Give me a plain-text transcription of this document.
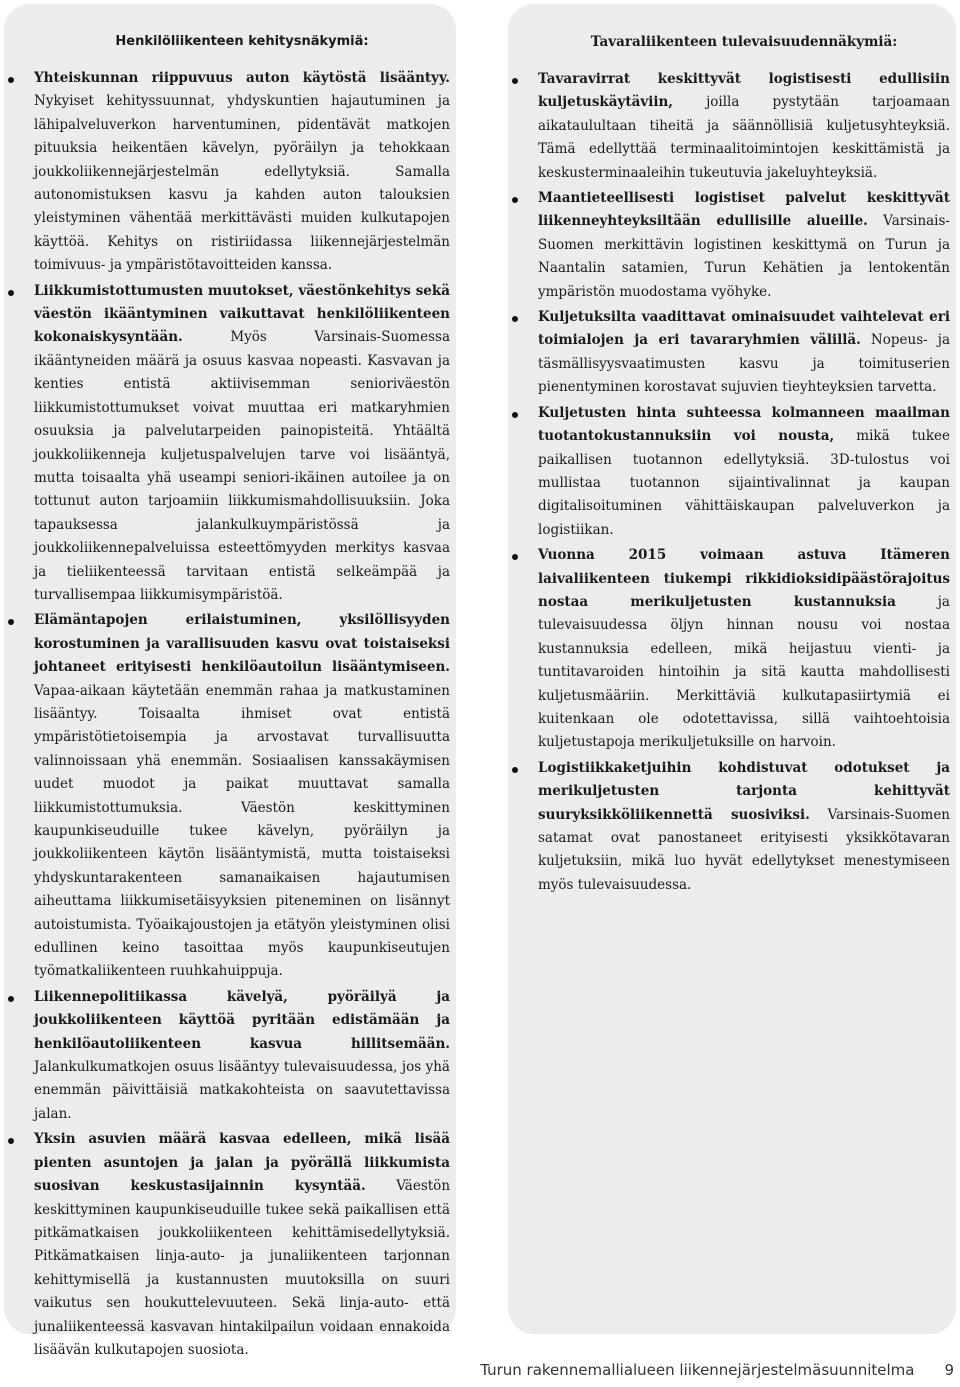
Henkilöliikenteen kehitysnäkymiä:
Yhteiskunnan riippuvuus auton käytöstä lisääntyy. Nykyiset kehityssuunnat, yhdyskuntien hajautuminen ja lähipalveluverkon harventuminen, pidentävät matkojen pituuksia heikentäen kävelyn, pyöräilyn ja tehokkaan joukkoliikennejärjestelmän edellytyksiä. Samalla autonomistuksen kasvu ja kahden auton talouksien yleistyminen vähentää merkittävästi muiden kulkutapojen käyttöä. Kehitys on ristiriidassa liikennejärjestelmän toimivuus- ja ympäristötavoitteiden kanssa.
Liikkumistottumusten muutokset, väestönkehitys sekä väestön ikääntyminen vaikuttavat henkilöliikenteen kokonaiskysyntään. Myös Varsinais-Suomessa ikääntyneiden määrä ja osuus kasvaa nopeasti. Kasvavan ja kenties entistä aktiivisemman senioriväestön liikkumistottumukset voivat muuttaa eri matkaryhmien osuuksia ja palvelutarpeiden painopisteitä. Yhtäältä joukkoliikenneja kuljetuspalvelujen tarve voi lisääntyä, mutta toisaalta yhä useampi seniori-ikäinen autoilee ja on tottunut auton tarjoamiin liikkumismahdollisuuksiin. Joka tapauksessa jalankulkuympäristössä ja joukkoliikennepalveluissa esteettömyyden merkitys kasvaa ja tieliikenteessä tarvitaan entistä selkeämpää ja turvallisempaa liikkumisympäristöä.
Elämäntapojen erilaistuminen, yksilöllisyyden korostuminen ja varallisuuden kasvu ovat toistaiseksi johtaneet erityisesti henkilöautoilun lisääntymiseen. Vapaa-aikaan käytetään enemmän rahaa ja matkustaminen lisääntyy. Toisaalta ihmiset ovat entistä ympäristötietoisempia ja arvostavat turvallisuutta valinnoissaan yhä enemmän. Sosiaalisen kanssakäymisen uudet muodot ja paikat muuttavat samalla liikkumistottumuksia. Väestön keskittyminen kaupunkiseuduille tukee kävelyn, pyöräilyn ja joukkoliikenteen käytön lisääntymistä, mutta toistaiseksi yhdyskuntarakenteen samanaikaisen hajautumisen aiheuttama liikkumisetäisyyksien piteneminen on lisännyt autoistumista. Työaikajoustojen ja etätyön yleistyminen olisi edullinen keino tasoittaa myös kaupunkiseutujen työmatkaliikenteen ruuhkahuippuja.
Liikennepolitiikassa kävelyä, pyöräilyä ja joukkoliikenteen käyttöä pyritään edistämään ja henkilöautoliikenteen kasvua hillitsemään. Jalankulkumatkojen osuus lisääntyy tulevaisuudessa, jos yhä enemmän päivittäisiä matkakohteista on saavutettavissa jalan.
Yksin asuvien määrä kasvaa edelleen, mikä lisää pienten asuntojen ja jalan ja pyörällä liikkumista suosivan keskustasijainnin kysyntää. Väestön keskittyminen kaupunkiseuduille tukee sekä paikallisen että pitkämatkaisen joukkoliikenteen kehittämisedellytyksiä. Pitkämatkaisen linja-auto- ja junaliikenteen tarjonnan kehittymisellä ja kustannusten muutoksilla on suuri vaikutus sen houkuttelevuuteen. Sekä linja-auto- että junaliikenteessä kasvavan hintakilpailun voidaan ennakoida lisäävän kulkutapojen suosiota.
Tavaraliikenteen tulevaisuudennäkymiä:
Tavaravirrat keskittyvät logistisesti edullisiin kuljetuskäytäviin, joilla pystytään tarjoamaan aikataulultaan tiheitä ja säännöllisiä kuljetusyhteyksiä. Tämä edellyttää terminaalitoimintojen keskittämistä ja keskusterminaaleihin tukeutuvia jakeluyhteyksiä.
Maantieteellisesti logistiset palvelut keskittyvät liikenneyhteyksiltään edullisille alueille. Varsinais-Suomen merkittävin logistinen keskittymä on Turun ja Naantalin satamien, Turun Kehätien ja lentokentän ympäristön muodostama vyöhyke.
Kuljetuksilta vaadittavat ominaisuudet vaihtelevat eri toimialojen ja eri tavararyhmien välillä. Nopeus- ja täsmällisyysvaatimusten kasvu ja toimituserien pienentyminen korostavat sujuvien tieyhteyksien tarvetta.
Kuljetusten hinta suhteessa kolmanneen maailman tuotantokustannuksiin voi nousta, mikä tukee paikallisen tuotannon edellytyksiä. 3D-tulostus voi mullistaa tuotannon sijaintivalinnat ja kaupan digitalisoituminen vähittäiskaupan palveluverkon ja logistiikan.
Vuonna 2015 voimaan astuva Itämeren laivaliikenteen tiukempi rikkidioksidipäästörajoitus nostaa merikuljetusten kustannuksia ja tulevaisuudessa öljyn hinnan nousu voi nostaa kustannuksia edelleen, mikä heijastuu vienti- ja tuntitavaroiden hintoihin ja sitä kautta mahdollisesti kuljetusmääriin. Merkittäviä kulkutapasiirtymiä ei kuitenkaan ole odotettavissa, sillä vaihtoehtoisia kuljetustapoja merikuljetuksille on harvoin.
Logistiikkaketjuihin kohdistuvat odotukset ja merikuljetusten tarjonta kehittyvät suuryksikköliikennettä suosiviksi. Varsinais-Suomen satamat ovat panostaneet erityisesti yksikkötavaran kuljetuksiin, mikä luo hyvät edellytykset menestymiseen myös tulevaisuudessa.
Turun rakennemallialueen liikennejärjestelmäsuunnitelma 9
